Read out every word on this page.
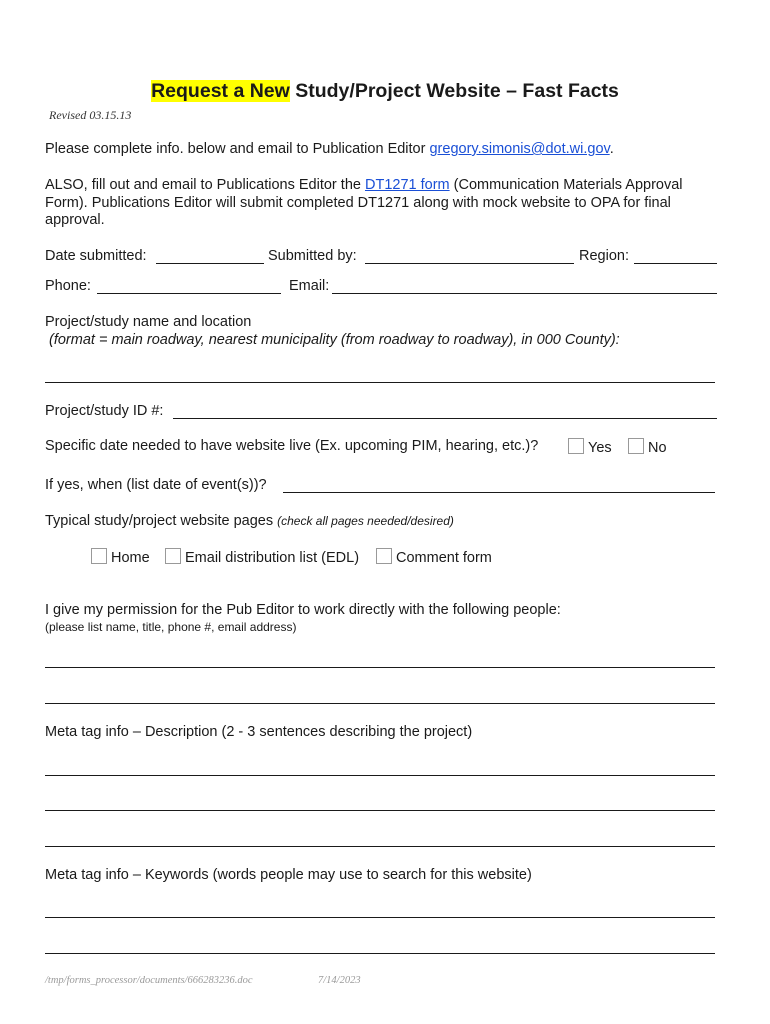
Request a New Study/Project Website – Fast Facts
Revised 03.15.13
Please complete info. below and email to Publication Editor gregory.simonis@dot.wi.gov.
ALSO, fill out and email to Publications Editor the DT1271 form (Communication Materials Approval
Form). Publications Editor will submit completed DT1271 along with mock website to OPA for final
approval.
Date submitted:	Submitted by:	Region:
Phone:	Email:
Project/study name and location
(format = main roadway, nearest municipality (from roadway to roadway), in 000 County):
Project/study ID #:
Specific date needed to have website live (Ex. upcoming PIM, hearing, etc.)?	Yes	No
If yes, when (list date of event(s))?
Typical study/project website pages (check all pages needed/desired)
Home	Email distribution list (EDL)	Comment form
I give my permission for the Pub Editor to work directly with the following people:
(please list name, title, phone #, email address)
Meta tag info – Description (2 - 3 sentences describing the project)
Meta tag info – Keywords (words people may use to search for this website)
/tmp/forms_processor/documents/666283236.doc	7/14/2023
